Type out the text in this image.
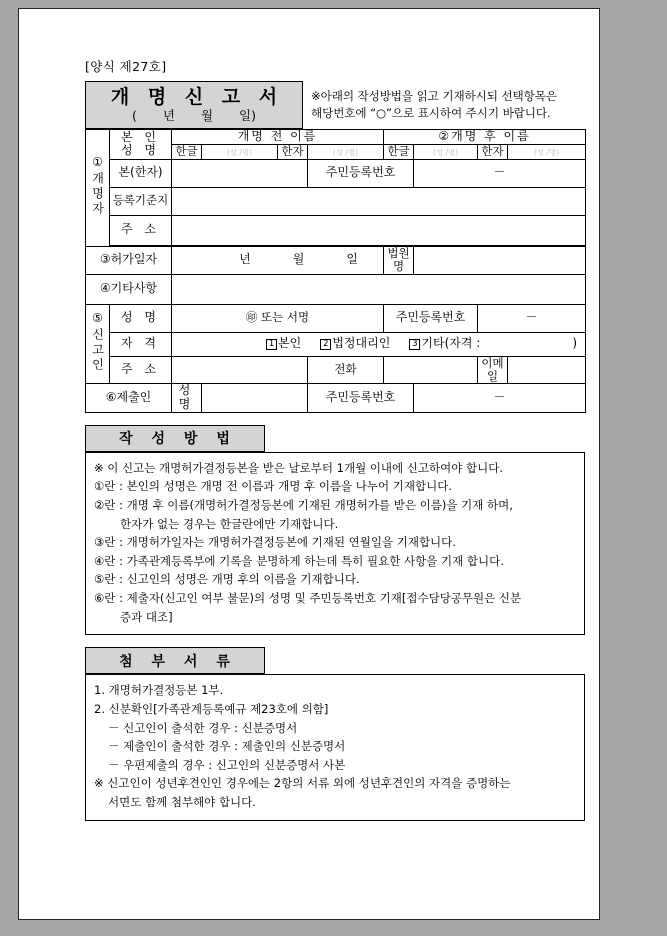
[양식 제27호]
개 명 신 고 서
( 년 월 일)

※아래의 작성방법을 읽고 기재하시되 선택항목은
해당번호에 “○”으로 표시하여 주시기 바랍니다.
①개명자	본 인
성 명	개명 전 이름				②개명 후 이름			
		한글	(성 /명)	한자	(성 /명)	한글	(성 /명)	한자	(성 /명)
	본(한자)				주민등록번호		－		
	등록기준지								
	주 소								

③허가일자		년 월 일				법원명			
④기타사항									
⑤신고인	성 명	㊞ 또는 서명				주민등록번호		－	
	자 격	1 본인 2 법정대리인 3 기타(자격 : )							

	주 소				전화			이메일	
⑥제출인		성 명			주민등록번호		－		
작 성 방 법	

※ 이 신고는 개명허가결정등본을 받은 날로부터 1개월 이내에 신고하여야 합니다.

①란 : 본인의 성명은 개명 전 이름과 개명 후 이름을 나누어 기재합니다.

②란 : 개명 후 이름(개명허가결정등본에 기재된 개명허가를 받은 이름)을 기재 하며,

한자가 없는 경우는 한글란에만 기재합니다.

③란 : 개명허가일자는 개명허가결정등본에 기재된 연월일을 기재합니다.

④란 : 가족관계등록부에 기록을 분명하게 하는데 특히 필요한 사항을 기재 합니다.

⑤란 : 신고인의 성명은 개명 후의 이름을 기재합니다.

⑥란 : 제출자(신고인 여부 불문)의 성명 및 주민등록번호 기재[접수담당공무원은 신분

증과 대조]

첨 부 서 류	

1. 개명허가결정등본 1부.

2. 신분확인[가족관계등록예규 제23호에 의함]

－ 신고인이 출석한 경우 : 신분증명서

－ 제출인이 출석한 경우 : 제출인의 신분증명서

－ 우편제출의 경우 : 신고인의 신분증명서 사본

※ 신고인이 성년후견인인 경우에는 2항의 서류 외에 성년후견인의 자격을 증명하는

서면도 함께 첨부해야 합니다.
